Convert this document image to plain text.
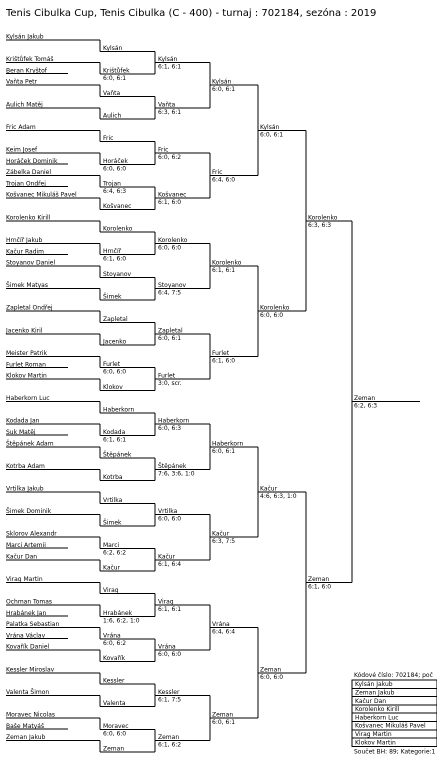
Tenis Cibulka Cup, Tenis Cibulka (C - 400) - turnaj : 702184, sezóna : 2019
Kylsán Jakub
Krištůfek Tomáš
Beran Kryštof
Vaňta Petr
Aulich Matěj
Fric Adam
Keim Josef
Horáček Dominik
Zábelka Daniel
Trojan Ondřej
Košvanec Mikuláš Pavel
Korolenko Kirill
Hrnčíř Jakub
Kačur Radim
Stoyanov Daniel
Šimek Matyas
Zapletal Ondřej
Jacenko Kiril
Meister Patrik
Furlet Roman
Klokov Martin
Haberkorn Luc
Kodada Jan
Suk Matěj
Štěpánek Adam
Kotrba Adam
Vrtilka Jakub
Šimek Dominik
Sklorov Alexandr
Marci Artemii
Kačur Dan
Virag Martin
Ochman Tomas
Hrabánek Jan
Palatka Sebastian
Vrána Václav
Kovařík Daniel
Kessler Miroslav
Valenta Šimon
Moravec Nicolas
Baše Matyáš
Zeman Jakub
Kylsán
Krištůfek
6:0, 6:1
Vaňta
Aulich
Fric
Horáček
6:0, 6:0
Trojan
6:4, 6:3
Košvanec
Korolenko
Hrnčíř
6:1, 6:0
Stoyanov
Šimek
Zapletal
Jacenko
Furlet
6:0, 6:0
Klokov
Haberkorn
Kodada
6:1, 6:1
Štěpánek
Kotrba
Vrtilka
Šimek
Marci
6:2, 6:2
Kačur
Virag
Hrabánek
1:6, 6:2, 1:0
Vrána
6:0, 6:2
Kovařík
Kessler
Valenta
Moravec
6:0, 6:0
Zeman
Kylsán
6:1, 6:1
Vaňta
6:3, 6:1
Fric
6:0, 6:2
Košvanec
6:1, 6:0
Korolenko
6:0, 6:0
Stoyanov
6:4, 7:5
Zapletal
6:0, 6:1
Furlet
3:0, scr.
Haberkorn
6:0, 6:3
Štěpánek
7:6, 3:6, 1:0
Vrtilka
6:0, 6:0
Kačur
6:1, 6:4
Virag
6:1, 6:1
Vrána
6:0, 6:0
Kessler
6:1, 7:5
Zeman
6:1, 6:2
Kylsán
6:0, 6:1
Fric
6:4, 6:0
Korolenko
6:1, 6:1
Furlet
6:1, 6:0
Haberkorn
6:0, 6:1
Kačur
6:3, 7:5
Vrána
6:4, 6:4
Zeman
6:0, 6:1
Kylsán
6:0, 6:1
Korolenko
6:0, 6:0
Kačur
4:6, 6:3, 1:0
Zeman
6:0, 6:0
Korolenko
6:3, 6:3
Zeman
6:1, 6:0
Zeman
6:2, 6:3
Kódové číslo: 702184; poč
Kylsán Jakub
Zeman Jakub
Kačur Dan
Korolenko Kirill
Haberkorn Luc
Košvanec Mikuláš Pavel
Virag Martin
Klokov Martin
Součet BH: 89; Kategorie:1
